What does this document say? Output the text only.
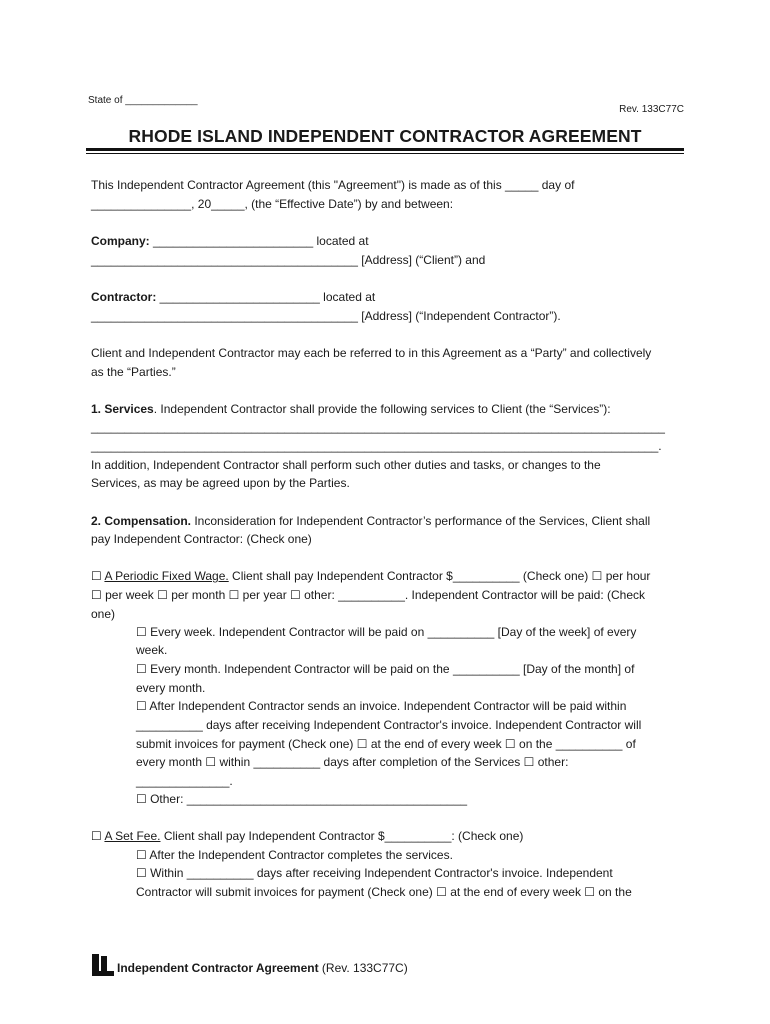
State of _____________
Rev. 133C77C
RHODE ISLAND INDEPENDENT CONTRACTOR AGREEMENT
This Independent Contractor Agreement (this "Agreement") is made as of this _____ day of
_______________, 20_____, (the “Effective Date”) by and between:
Company: ________________________ located at
________________________________________ [Address] (“Client”) and
Contractor: ________________________ located at
________________________________________ [Address] (“Independent Contractor”).
Client and Independent Contractor may each be referred to in this Agreement as a “Party” and collectively
as the “Parties.”
1. Services. Independent Contractor shall provide the following services to Client (the “Services”):
______________________________________________________________________________________
_____________________________________________________________________________________.
In addition, Independent Contractor shall perform such other duties and tasks, or changes to the
Services, as may be agreed upon by the Parties.
2. Compensation. Inconsideration for Independent Contractor’s performance of the Services, Client shall
pay Independent Contractor: (Check one)
☐ A Periodic Fixed Wage. Client shall pay Independent Contractor $__________ (Check one) ☐ per hour
☐ per week ☐ per month ☐ per year ☐ other: __________. Independent Contractor will be paid: (Check
one)
☐ Every week. Independent Contractor will be paid on __________ [Day of the week] of every
week.
☐ Every month. Independent Contractor will be paid on the __________ [Day of the month] of
every month.
☐ After Independent Contractor sends an invoice. Independent Contractor will be paid within
__________ days after receiving Independent Contractor's invoice. Independent Contractor will
submit invoices for payment (Check one) ☐ at the end of every week ☐ on the __________ of
every month ☐ within __________ days after completion of the Services ☐ other:
______________.
☐ Other: __________________________________________
☐ A Set Fee. Client shall pay Independent Contractor $__________: (Check one)
☐ After the Independent Contractor completes the services.
☐ Within __________ days after receiving Independent Contractor's invoice. Independent
Contractor will submit invoices for payment (Check one) ☐ at the end of every week ☐ on the
Independent Contractor Agreement (Rev. 133C77C)
